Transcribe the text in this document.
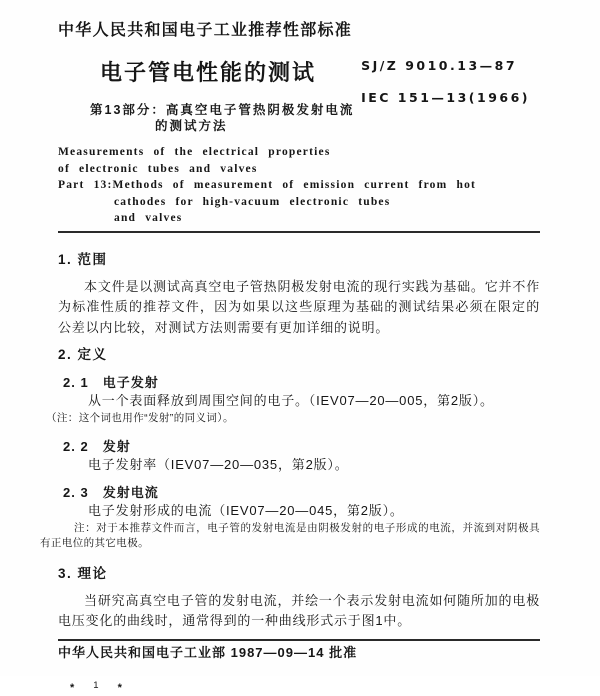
中华人民共和国电子工业推荐性部标准
电子管电性能的测试	SJ/Z 9010.13—87
IEC 151—13(1966)
第13部分：高真空电子管热阴极发射电流
的测试方法
Measurements of the electrical properties
of electronic tubes and valves
Part 13:Methods of measurement of emission current from hot
cathodes for high-vacuum electronic tubes
and valves
1. 范围
本文件是以测试高真空电子管热阴极发射电流的现行实践为基础。它并不作为标准性质的推荐文件，因为如果以这些原理为基础的测试结果必须在限定的公差以内比较，对测试方法则需要有更加详细的说明。
2. 定义
2. 1 电子发射
从一个表面释放到周围空间的电子。（IEV07—20—005，第2版）。
（注：这个词也用作“发射”的同义词）。
2. 2 发射
电子发射率（IEV07—20—035，第2版）。
2. 3 发射电流
电子发射形成的电流（IEV07—20—045，第2版）。
注：对于本推荐文件而言，电子管的发射电流是由阴极发射的电子形成的电流，并流到对阴极具有正电位的其它电极。
3. 理论
当研究高真空电子管的发射电流，并绘一个表示发射电流如何随所加的电极电压变化的曲线时，通常得到的一种曲线形式示于图1中。
中华人民共和国电子工业部 1987—09—14 批准
* 1 *
